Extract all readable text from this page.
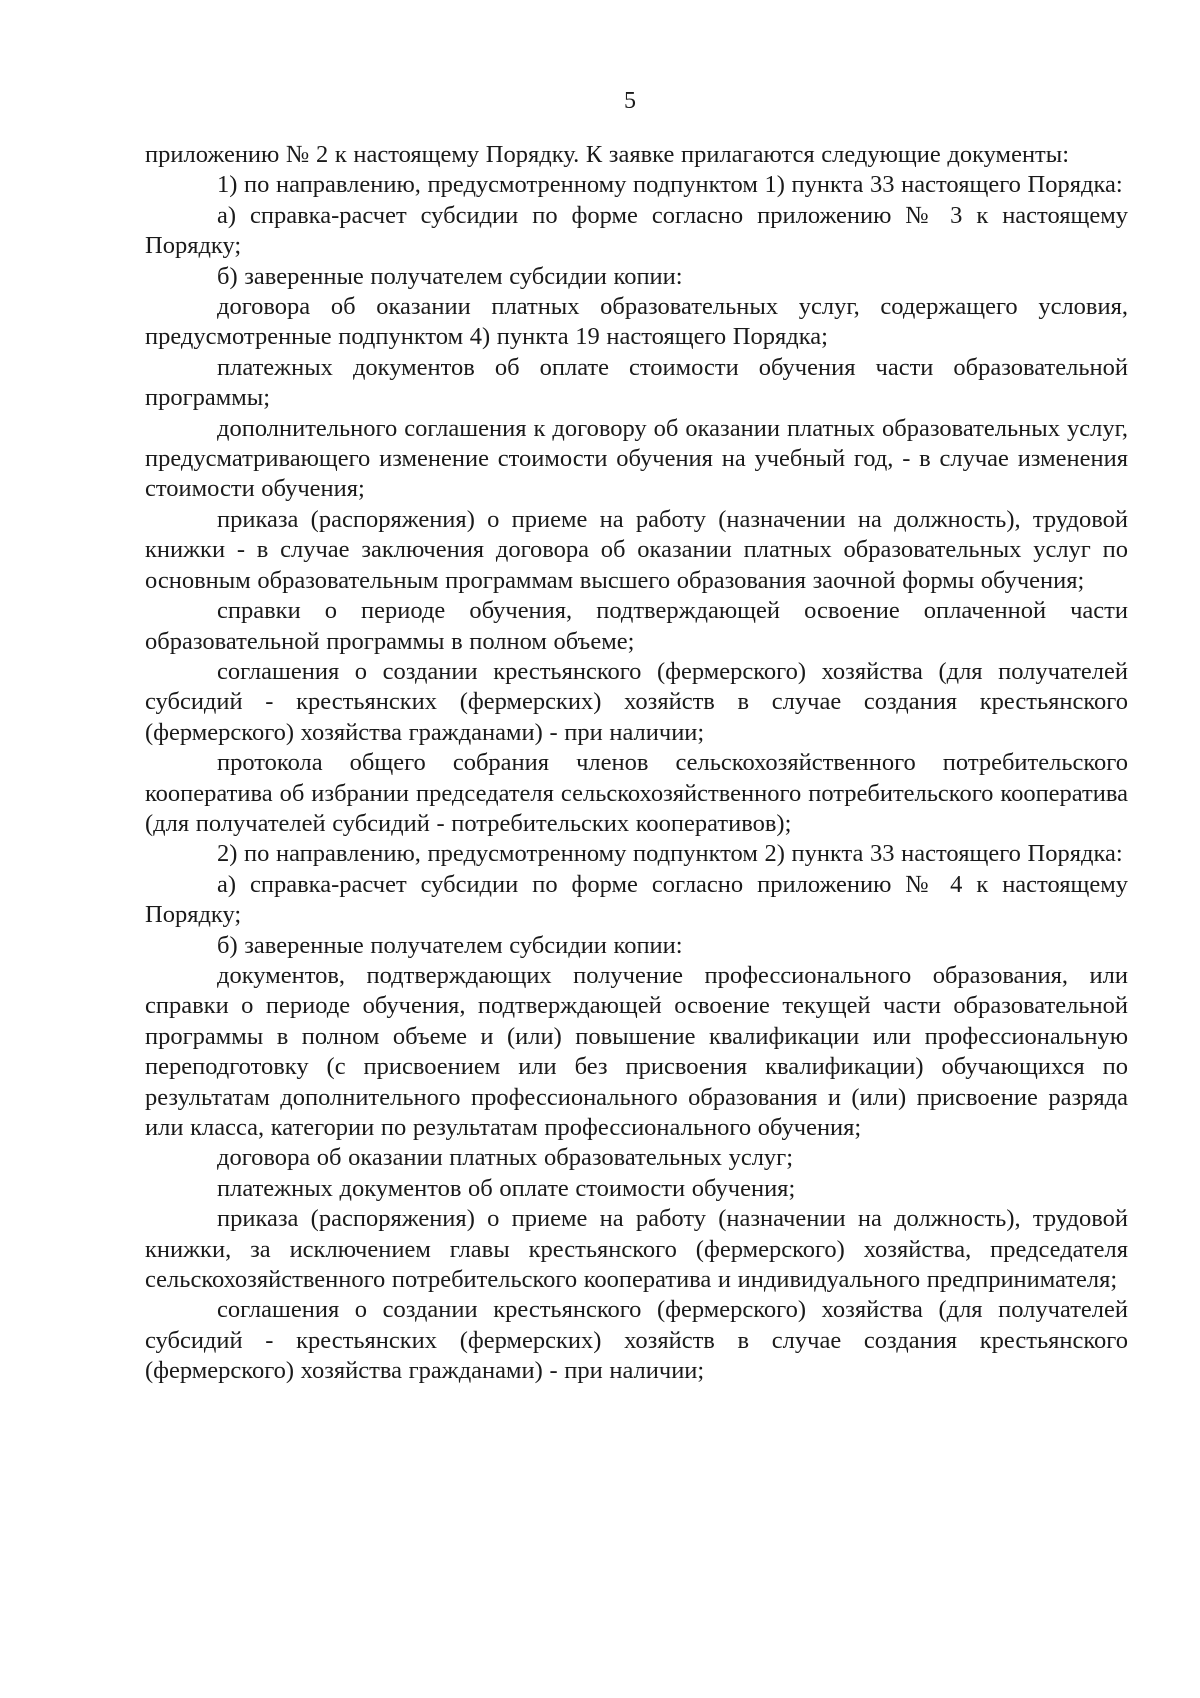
5

приложению № 2 к настоящему Порядку. К заявке прилагаются следующие документы:

1) по направлению, предусмотренному подпунктом 1) пункта 33 настоящего Порядка:

а) справка-расчет субсидии по форме согласно приложению № 3 к настоящему Порядку;

б) заверенные получателем субсидии копии:

договора об оказании платных образовательных услуг, содержащего условия, предусмотренные подпунктом 4) пункта 19 настоящего Порядка;

платежных документов об оплате стоимости обучения части образовательной программы;

дополнительного соглашения к договору об оказании платных образовательных услуг, предусматривающего изменение стоимости обучения на учебный год, - в случае изменения стоимости обучения;

приказа (распоряжения) о приеме на работу (назначении на должность), трудовой книжки - в случае заключения договора об оказании платных образовательных услуг по основным образовательным программам высшего образования заочной формы обучения;

справки о периоде обучения, подтверждающей освоение оплаченной части образовательной программы в полном объеме;

соглашения о создании крестьянского (фермерского) хозяйства (для получателей субсидий - крестьянских (фермерских) хозяйств в случае создания крестьянского (фермерского) хозяйства гражданами) - при наличии;

протокола общего собрания членов сельскохозяйственного потребительского кооператива об избрании председателя сельскохозяйственного потребительского кооператива (для получателей субсидий - потребительских кооперативов);

2) по направлению, предусмотренному подпунктом 2) пункта 33 настоящего Порядка:

а) справка-расчет субсидии по форме согласно приложению № 4 к настоящему Порядку;

б) заверенные получателем субсидии копии:

документов, подтверждающих получение профессионального образования, или справки о периоде обучения, подтверждающей освоение текущей части образовательной программы в полном объеме и (или) повышение квалификации или профессиональную переподготовку (с присвоением или без присвоения квалификации) обучающихся по результатам дополнительного профессионального образования и (или) присвоение разряда или класса, категории по результатам профессионального обучения;

договора об оказании платных образовательных услуг;

платежных документов об оплате стоимости обучения;

приказа (распоряжения) о приеме на работу (назначении на должность), трудовой книжки, за исключением главы крестьянского (фермерского) хозяйства, председателя сельскохозяйственного потребительского кооператива и индивидуального предпринимателя;

соглашения о создании крестьянского (фермерского) хозяйства (для получателей субсидий - крестьянских (фермерских) хозяйств в случае создания крестьянского (фермерского) хозяйства гражданами) - при наличии;
